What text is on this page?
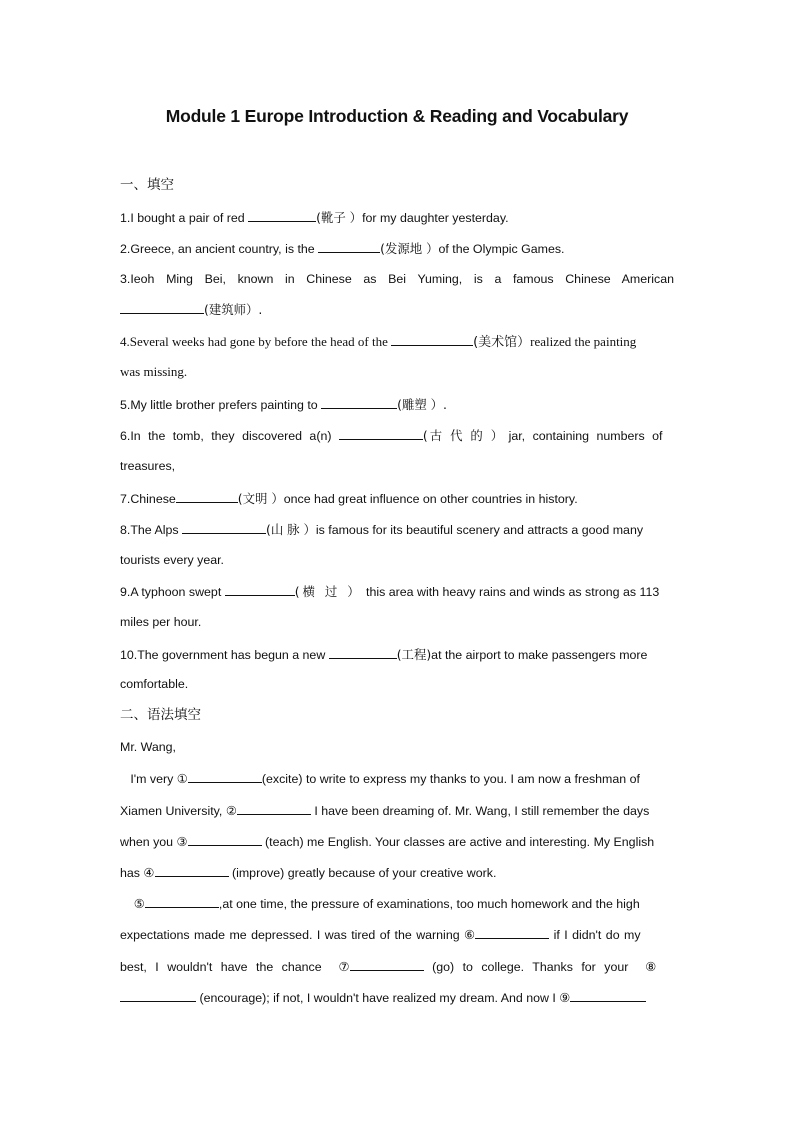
Module 1 Europe Introduction & Reading and Vocabulary
一、填空
1.I bought a pair of red	(靴子 ）for my daughter yesterday.
2.Greece, an ancient country, is the	(发源地 ）of the Olympic Games.
3.Ieoh Ming Bei, known in Chinese as Bei Yuming, is a famous Chinese American
(建筑师）.
4.Several weeks had gone by before the head of the	(美术馆）realized the painting
was missing.
5.My little brother prefers painting to	(雕塑 ）.
6.In the tomb, they discovered a(n)	(古 代 的 ） jar, containing numbers of
treasures,
7.Chinese	(文明 ）once had great influence on other countries in history.
8.The Alps	(山 脉 ）is famous for its beautiful scenery and attracts a good many
tourists every year.
9.A typhoon swept	(横 过 ） this area with heavy rains and winds as strong as 113
miles per hour.
10.The government has begun a new	(工程)at the airport to make passengers more
comfortable.
二、语法填空
Mr. Wang,
I'm very ①	(excite) to write to express my thanks to you. I am now a freshman of
Xiamen University, ②	I have been dreaming of. Mr. Wang, I still remember the days
when you ③	(teach) me English. Your classes are active and interesting. My English
has ④	(improve) greatly because of your creative work.
⑤	,at one time, the pressure of examinations, too much homework and the high
expectations made me depressed. I was tired of the warning ⑥	if I didn't do my
best, I wouldn't have the chance  ⑦	(go) to college. Thanks for your  ⑧
(encourage); if not, I wouldn't have realized my dream. And now I ⑨
